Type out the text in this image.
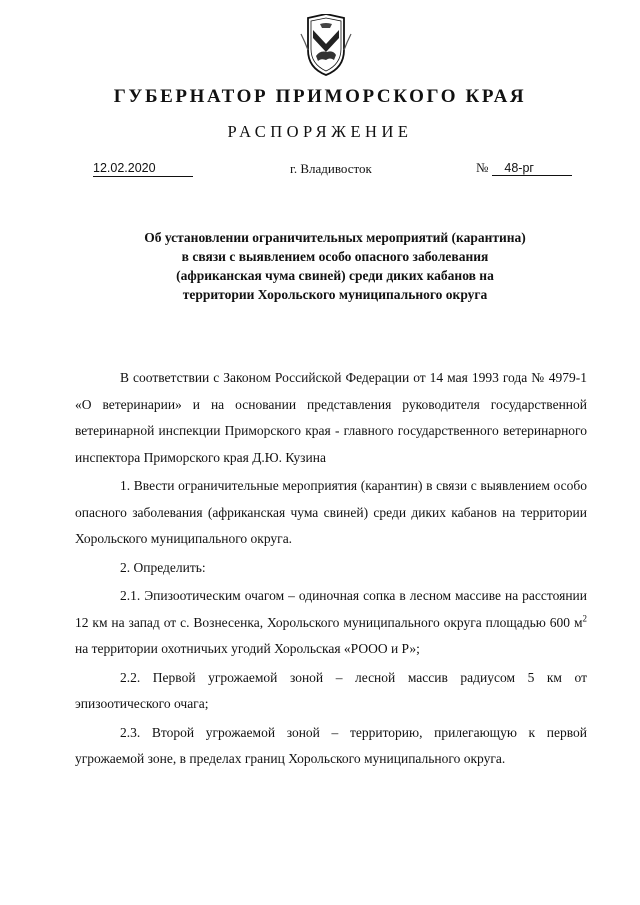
ГУБЕРНАТОР ПРИМОРСКОГО КРАЯ
РАСПОРЯЖЕНИЕ
12.02.2020	г. Владивосток	№ 48-рг
Об установлении ограничительных мероприятий (карантина) в связи с выявлением особо опасного заболевания (африканская чума свиней) среди диких кабанов на территории Хорольского муниципального округа

В соответствии с Законом Российской Федерации от 14 мая 1993 года № 4979-1 «О ветеринарии» и на основании представления руководителя государственной ветеринарной инспекции Приморского края - главного государственного ветеринарного инспектора Приморского края Д.Ю. Кузина

1. Ввести ограничительные мероприятия (карантин) в связи с выявлением особо опасного заболевания (африканская чума свиней) среди диких кабанов на территории Хорольского муниципального округа.

2. Определить:

2.1. Эпизоотическим очагом – одиночная сопка в лесном массиве на расстоянии 12 км на запад от с. Вознесенка, Хорольского муниципального округа площадью 600 $м^2$ на территории охотничьих угодий Хорольская «РООО и Р»;

2.2. Первой угрожаемой зоной – лесной массив радиусом 5 км от эпизоотического очага;

2.3. Второй угрожаемой зоной – территорию, прилегающую к первой угрожаемой зоне, в пределах границ Хорольского муниципального округа.
